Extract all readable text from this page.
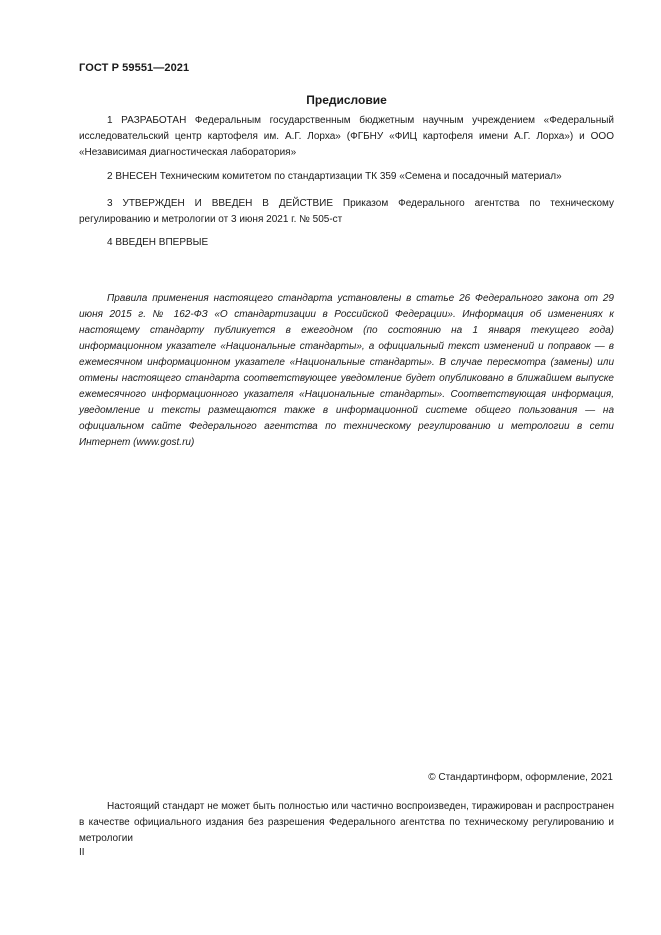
ГОСТ Р 59551—2021
Предисловие

1 РАЗРАБОТАН Федеральным государственным бюджетным научным учреждением «Федеральный исследовательский центр картофеля им. А.Г. Лорха» (ФГБНУ «ФИЦ картофеля имени А.Г. Лорха») и ООО «Независимая диагностическая лаборатория»

2 ВНЕСЕН Техническим комитетом по стандартизации ТК 359 «Семена и посадочный материал»

3 УТВЕРЖДЕН И ВВЕДЕН В ДЕЙСТВИЕ Приказом Федерального агентства по техническому регулированию и метрологии от 3 июня 2021 г. № 505-ст

4 ВВЕДЕН ВПЕРВЫЕ

Правила применения настоящего стандарта установлены в статье 26 Федерального закона от 29 июня 2015 г. № 162-ФЗ «О стандартизации в Российской Федерации». Информация об изменениях к настоящему стандарту публикуется в ежегодном (по состоянию на 1 января текущего года) информационном указателе «Национальные стандарты», а официальный текст изменений и поправок — в ежемесячном информационном указателе «Национальные стандарты». В случае пересмотра (замены) или отмены настоящего стандарта соответствующее уведомление будет опубликовано в ближайшем выпуске ежемесячного информационного указателя «Национальные стандарты». Соответствующая информация, уведомление и тексты размещаются также в информационной системе общего пользования — на официальном сайте Федерального агентства по техническому регулированию и метрологии в сети Интернет (www.gost.ru)
© Стандартинформ, оформление, 2021
Настоящий стандарт не может быть полностью или частично воспроизведен, тиражирован и распространен в качестве официального издания без разрешения Федерального агентства по техническому регулированию и метрологии
II
